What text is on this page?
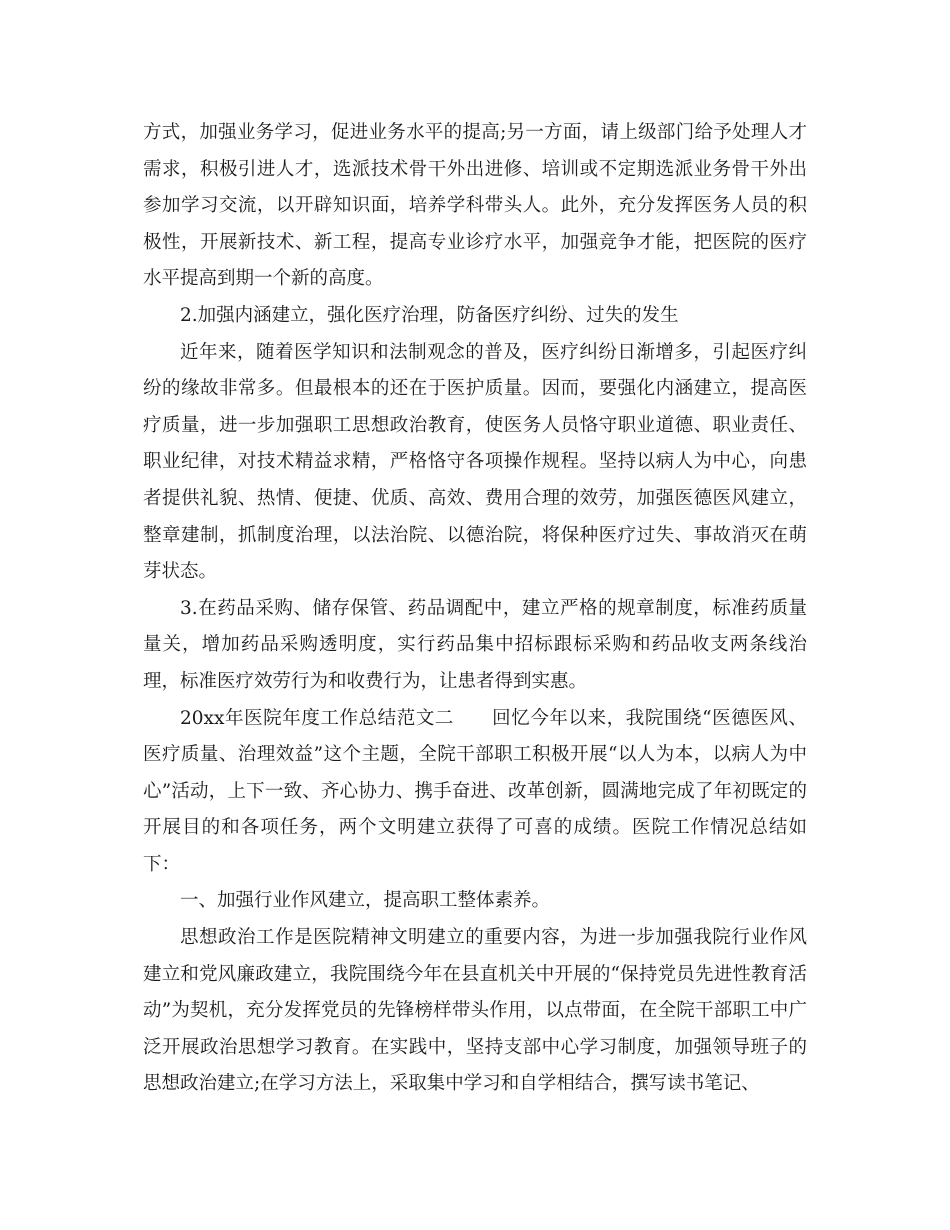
方式，加强业务学习，促进业务水平的提高;另一方面，请上级部门给予处理人才需求，积极引进人才，选派技术骨干外出进修、培训或不定期选派业务骨干外出参加学习交流，以开辟知识面，培养学科带头人。此外，充分发挥医务人员的积极性，开展新技术、新工程，提高专业诊疗水平，加强竞争才能，把医院的医疗水平提高到期一个新的高度。

2.加强内涵建立，强化医疗治理，防备医疗纠纷、过失的发生

近年来，随着医学知识和法制观念的普及，医疗纠纷日渐增多，引起医疗纠纷的缘故非常多。但最根本的还在于医护质量。因而，要强化内涵建立，提高医疗质量，进一步加强职工思想政治教育，使医务人员恪守职业道德、职业责任、职业纪律，对技术精益求精，严格恪守各项操作规程。坚持以病人为中心，向患者提供礼貌、热情、便捷、优质、高效、费用合理的效劳，加强医德医风建立，整章建制，抓制度治理，以法治院、以德治院，将保种医疗过失、事故消灭在萌芽状态。

3.在药品采购、储存保管、药品调配中，建立严格的规章制度，标准药质量量关，增加药品采购透明度，实行药品集中招标跟标采购和药品收支两条线治理，标准医疗效劳行为和收费行为，让患者得到实惠。

20xx年医院年度工作总结范文二　　回忆今年以来，我院围绕“医德医风、医疗质量、治理效益”这个主题，全院干部职工积极开展“以人为本，以病人为中心”活动，上下一致、齐心协力、携手奋进、改革创新，圆满地完成了年初既定的开展目的和各项任务，两个文明建立获得了可喜的成绩。医院工作情况总结如下：

一、加强行业作风建立，提高职工整体素养。

思想政治工作是医院精神文明建立的重要内容，为进一步加强我院行业作风建立和党风廉政建立，我院围绕今年在县直机关中开展的“保持党员先进性教育活动”为契机，充分发挥党员的先锋榜样带头作用，以点带面，在全院干部职工中广泛开展政治思想学习教育。在实践中，坚持支部中心学习制度，加强领导班子的思想政治建立;在学习方法上，采取集中学习和自学相结合，撰写读书笔记、
